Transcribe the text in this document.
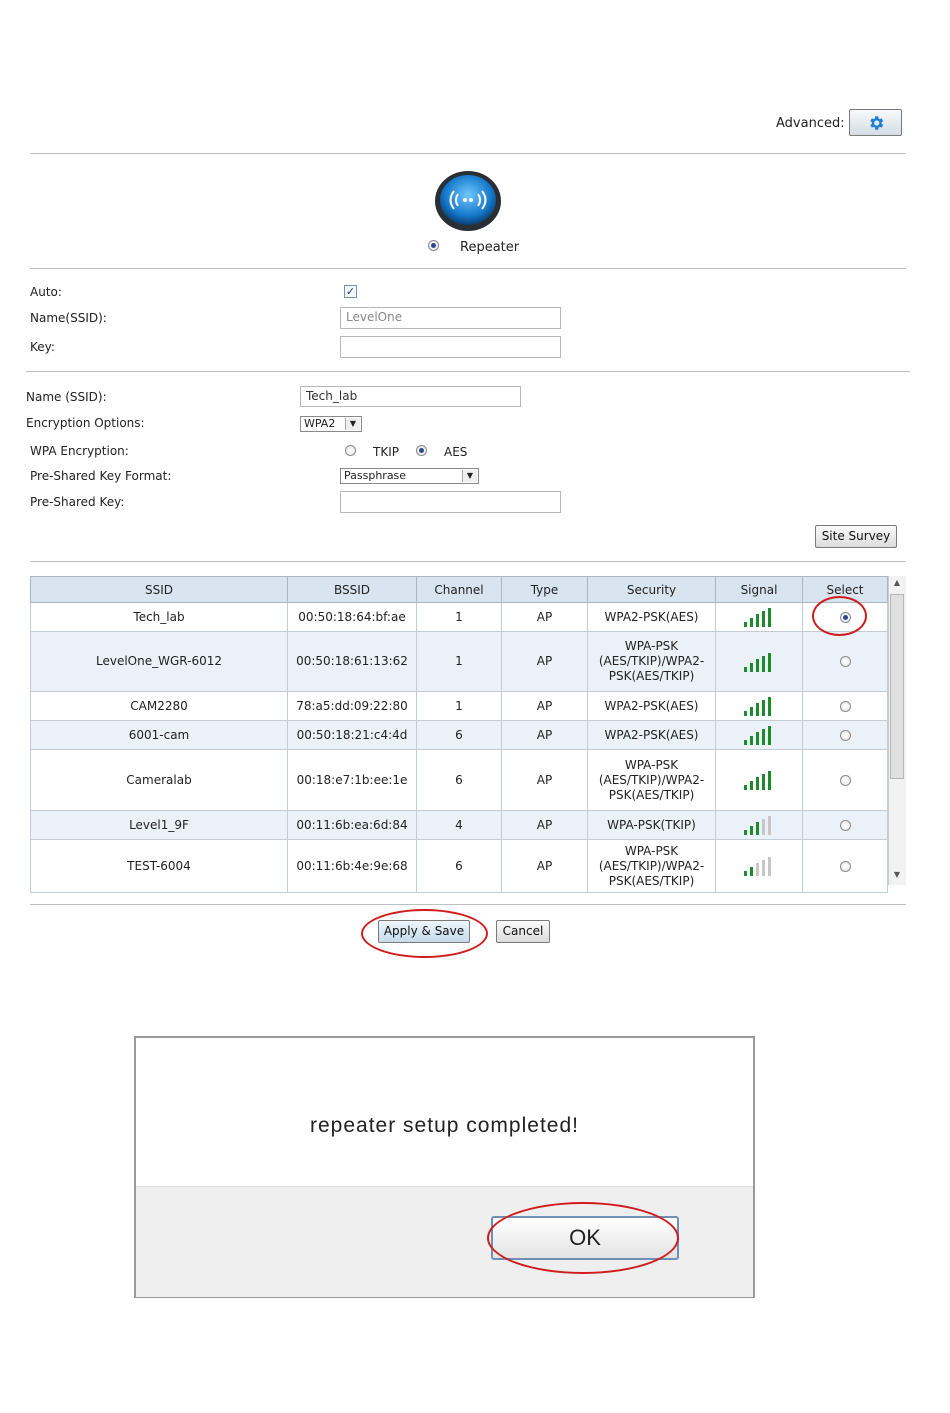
Advanced:
Repeater
Auto:	✓
Name(SSID):	LevelOne
Key:
Name (SSID):	Tech_lab
Encryption Options:	WPA2	▼
WPA Encryption:	TKIP	AES
Pre-Shared Key Format:	Passphrase	▼
Pre-Shared Key:
Site Survey
SSID	BSSID	Channel	Type	Security	Signal	Select
Tech_lab	00:50:18:64:bf:ae	1	AP	WPA2-PSK(AES)		
LevelOne_WGR-6012	00:50:18:61:13:62	1	AP	WPA-PSK (AES/TKIP)/WPA2-PSK(AES/TKIP)		
CAM2280	78:a5:dd:09:22:80	1	AP	WPA2-PSK(AES)		
6001-cam	00:50:18:21:c4:4d	6	AP	WPA2-PSK(AES)		
Cameralab	00:18:e7:1b:ee:1e	6	AP	WPA-PSK (AES/TKIP)/WPA2-PSK(AES/TKIP)		
Level1_9F	00:11:6b:ea:6d:84	4	AP	WPA-PSK(TKIP)		
TEST-6004	00:11:6b:4e:9e:68	6	AP	WPA-PSK (AES/TKIP)/WPA2-PSK(AES/TKIP)		
▲
▼
Apply & Save	Cancel
repeater setup completed!
OK
